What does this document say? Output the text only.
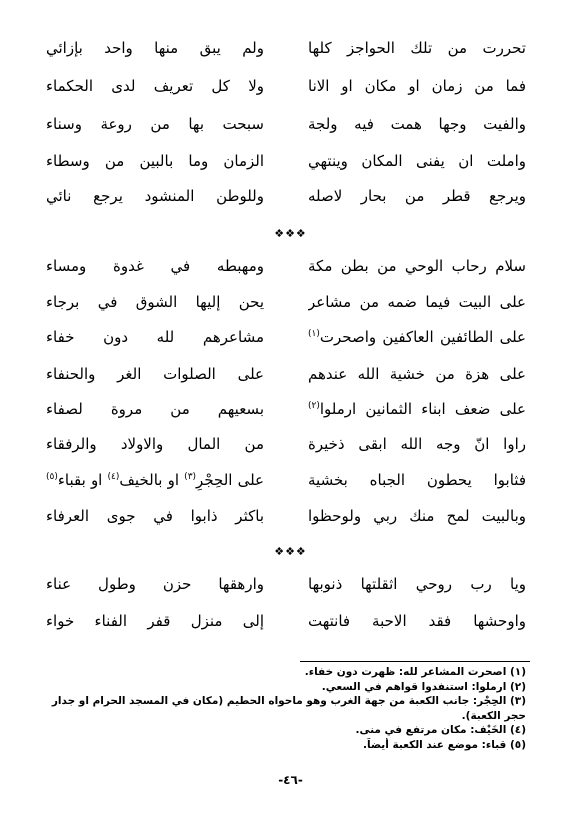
تحررت من تلك الحواجز كلها
ولم يبق منها واحد بإزائي
فما من زمان او مكان او الانا
ولا كل تعريف لدى الحكماء
والفيت وجها همت فيه ولجة
سبحت بها من روعة وسناء
واملت ان يفنى المكان وينتهي
الزمان وما بالبين من وسطاء
ويرجع قطر من بحار لاصله
وللوطن المنشود يرجع نائي
❖❖❖
سلام رحاب الوحي من بطن مكة
ومهبطه في غدوة ومساء
على البيت فيما ضمه من مشاعر
يحن إليها الشوق في برجاء
على الطائفين العاكفين واصحرت$^{(١)}$
مشاعرهم لله دون خفاء
على هزة من خشية الله عندهم
على الصلوات الغر والحنفاء
على ضعف ابناء الثمانين ارملوا$^{(٢)}$
بسعيهم من مروة لصفاء
راوا انّ وجه الله ابقى ذخيرة
من المال والاولاد والرفقاء
فثابوا يحطون الجباه بخشية
على الحِجْرِ$^{(٣)}$ او بالخيف$^{(٤)}$ او بقباء$^{(٥)}$
وبالبيت لمح منك ربي ولوحظوا
باكثر ذابوا في جوى العرفاء
❖❖❖
ويا رب روحي اثقلتها ذنوبها
وارهقها حزن وطول عناء
واوحشها فقد الاحبة فانتهت
إلى منزل قفر الفناء خواء
(١) اصحرت المشاعر لله: ظهرت دون خفاء.
(٢) ارملوا: استنفدوا قواهم في السعي.
(٣) الحِجْر: جانب الكعبة من جهة الغرب وهو ماحواه الحطيم (مكان في المسجد الحرام او جدار حجر الكعبة).
(٤) الخَيْف: مكان مرتفع في منى.
(٥) قباء: موضع عند الكعبة أيضاً.
-٤٦-
